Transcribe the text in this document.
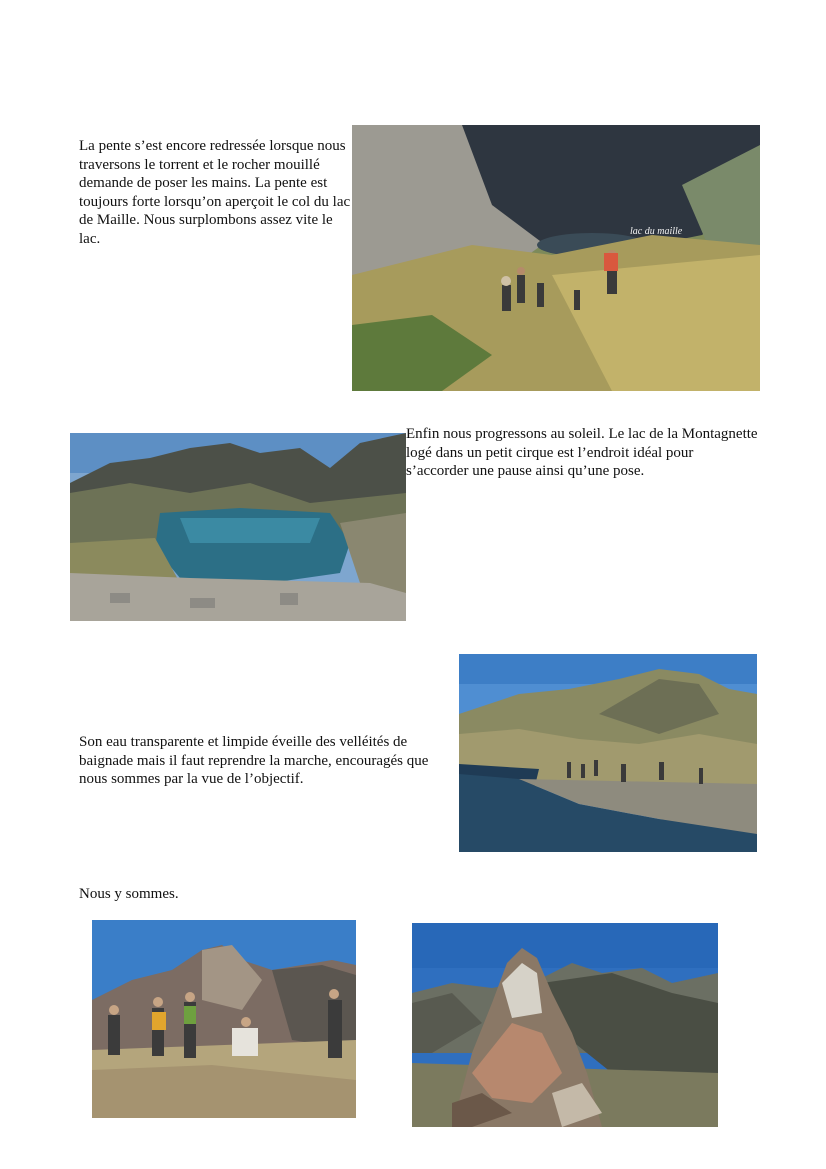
La pente s’est encore redressée lorsque nous traversons le torrent et le rocher mouillé demande de poser les mains. La pente est toujours forte lorsqu’on aperçoit le col du lac de Maille. Nous surplombons assez vite le lac.	lac du maille

Enfin nous progressons au soleil. Le lac de la Montagnette logé dans un petit cirque est l’endroit idéal pour s’accorder une pause ainsi qu’une pose.

Son eau transparente et limpide éveille des velléités de baignade mais il faut reprendre la marche, encouragés que nous sommes par la vue de l’objectif.

Nous y sommes.
